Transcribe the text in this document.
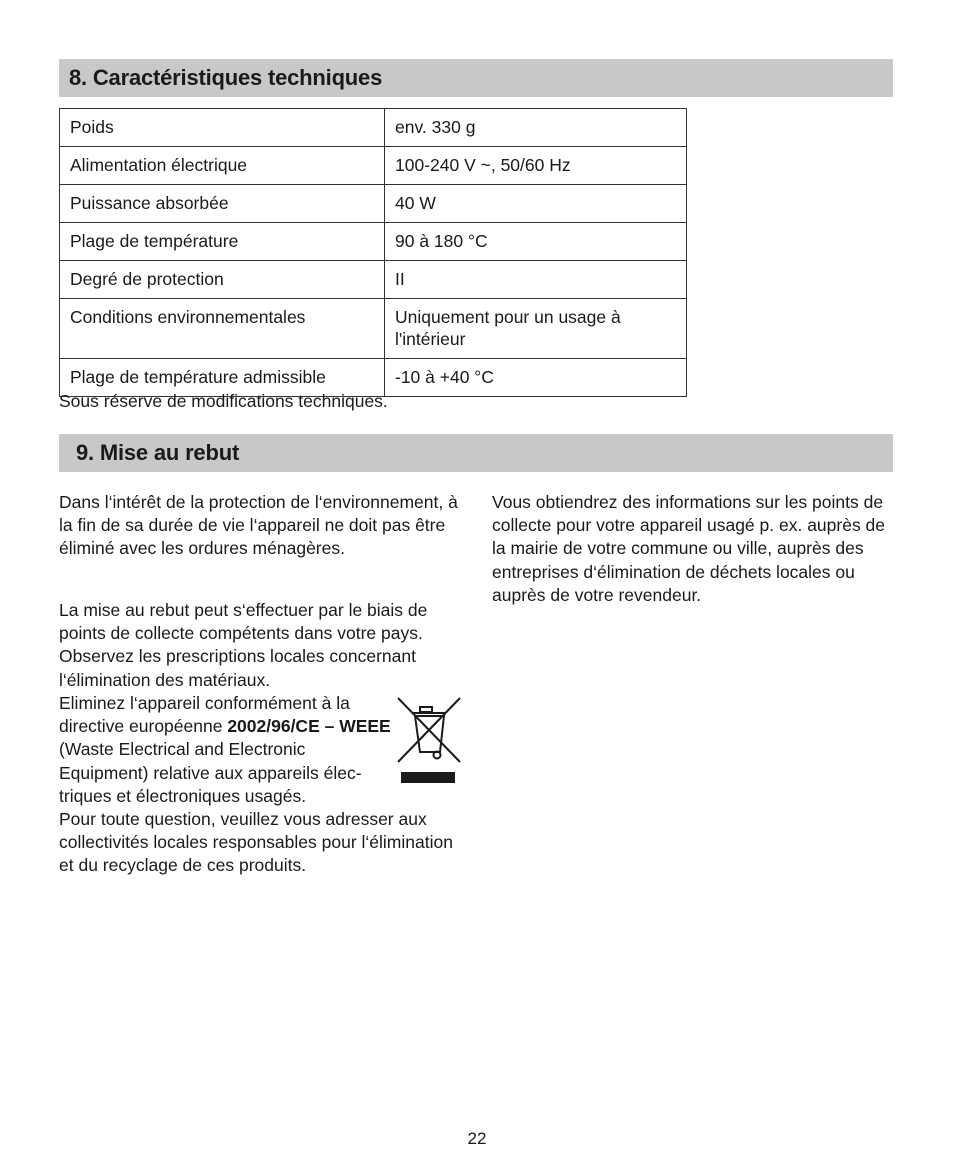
8. Caractéristiques techniques
Poids	env. 330 g
Alimentation électrique	100-240 V ~, 50/60 Hz
Puissance absorbée	40 W
Plage de température	90 à 180 °C
Degré de protection	II
Conditions environnementales	Uniquement pour un usage à l'intérieur
Plage de température admissible	-10 à +40 °C

Sous réserve de modifications techniques.

9. Mise au rebut

Dans l‘intérêt de la protection de l‘environnement, à la fin de sa durée de vie l‘appareil ne doit pas être éliminé avec les ordures ménagères.

La mise au rebut peut s‘effectuer par le biais de points de collecte compétents dans votre pays. Observez les prescriptions locales concernant l‘élimination des matériaux.

Eliminez l‘appareil conformément à la directive européenne 2002/96/CE – WEEE (Waste Electrical and Electronic Equipment) relative aux appareils élec- triques et électroniques usagés.

Pour toute question, veuillez vous adresser aux collectivités locales responsables pour l‘élimination et du recyclage de ces produits.

Vous obtiendrez des informations sur les points de collecte pour votre appareil usagé p. ex. auprès de la mairie de votre commune ou ville, auprès des entreprises d‘élimination de déchets locales ou auprès de votre revendeur.

22
